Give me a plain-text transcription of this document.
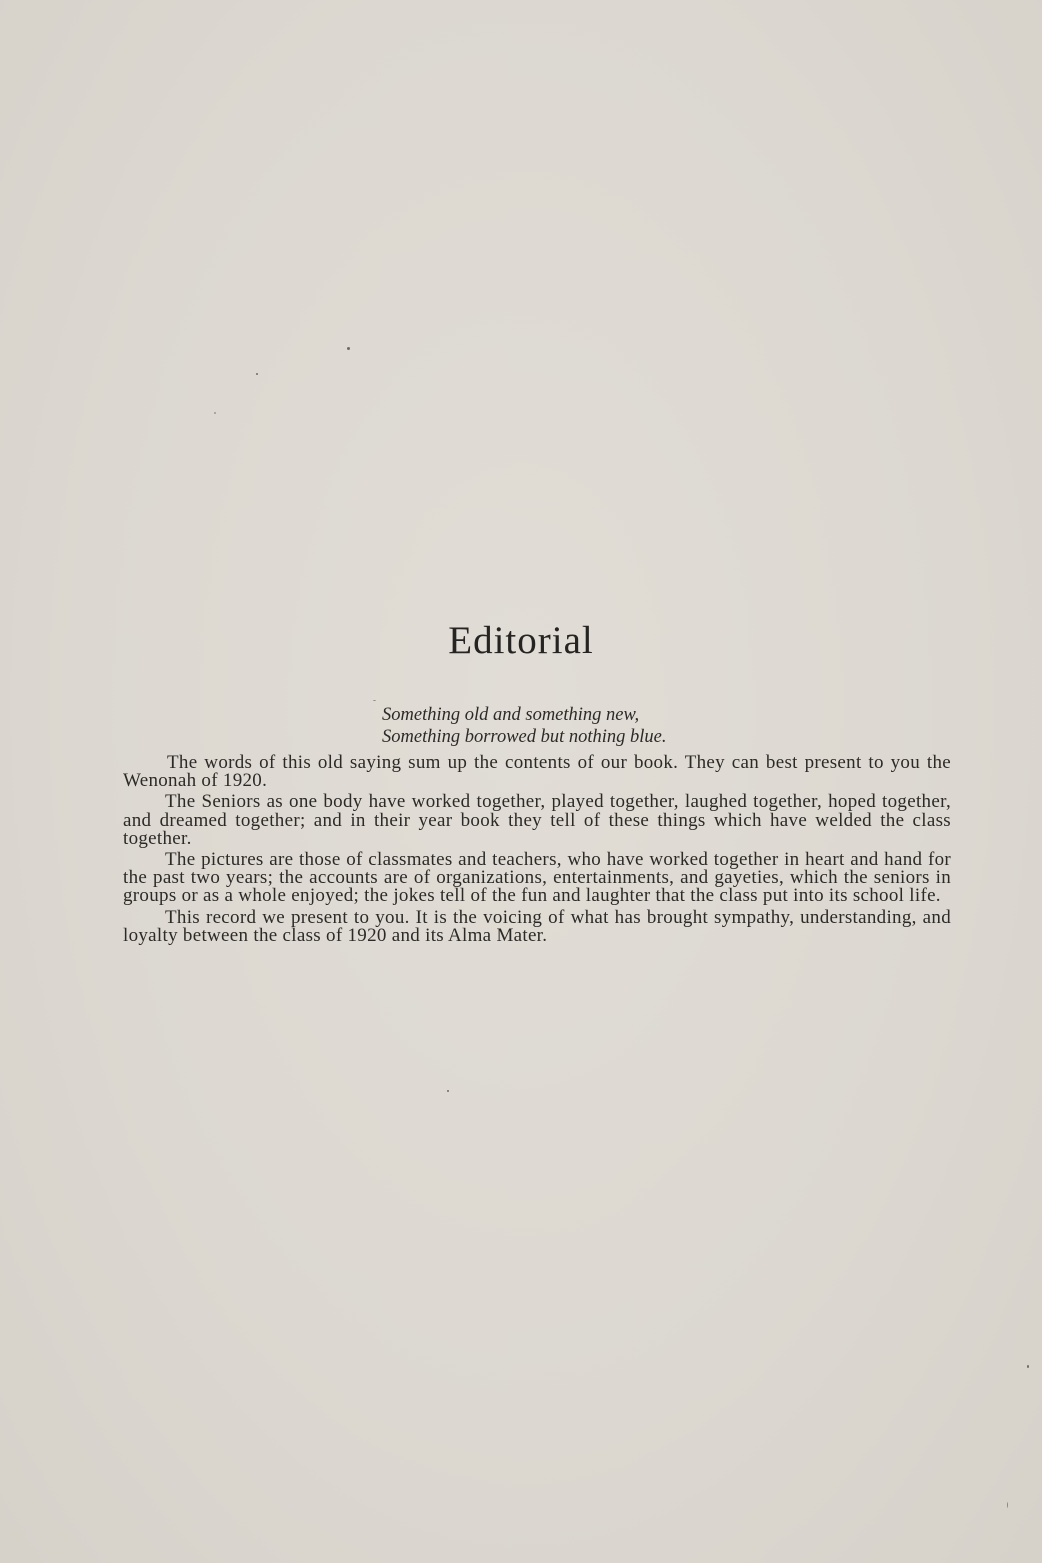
Editorial
Something old and something new,
Something borrowed but nothing blue.

The words of this old saying sum up the contents of our book. They can best present to you the Wenonah of 1920.

The Seniors as one body have worked together, played together, laughed together, hoped together, and dreamed together; and in their year book they tell of these things which have welded the class together.

The pictures are those of classmates and teachers, who have worked together in heart and hand for the past two years; the accounts are of organizations, entertainments, and gayeties, which the seniors in groups or as a whole enjoyed; the jokes tell of the fun and laughter that the class put into its school life.

This record we present to you. It is the voicing of what has brought sympathy, understanding, and loyalty between the class of 1920 and its Alma Mater.
